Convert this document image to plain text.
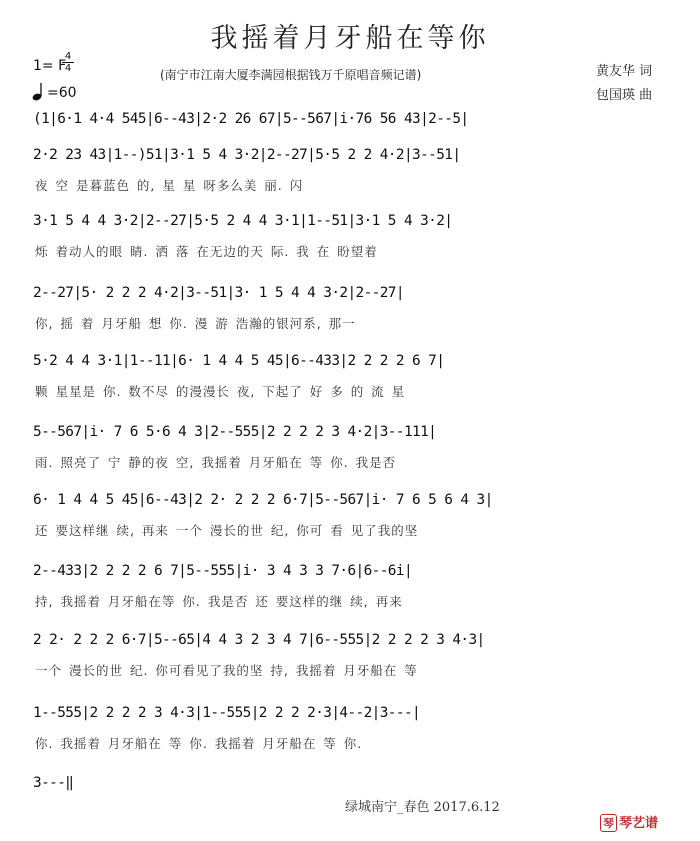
我摇着月牙船在等你
(南宁市江南大厦李满园根据钱万千原唱音频记谱)	黄友华 词
包国瑛 曲
1= F
$\frac{4}{4}$
=60
(1|6·1 4·4 545|6--43|2·2 26 67|5--567|i·76 56 43|2--5|
2·2 23 43|1--)51|3·1 5 4 3·2|2--27|5·5 2 2 4·2|3--51|
夜 空 是暮蓝色 的, 星 星 呀多么美 丽. 闪
3·1 5 4 4 3·2|2--27|5·5 2 4 4 3·1|1--51|3·1 5 4 3·2|
烁 着动人的眼 睛. 洒 落 在无边的天 际. 我 在 盼望着
2--27|5· 2 2 2 4·2|3--51|3· 1 5 4 4 3·2|2--27|
你, 摇 着 月牙船 想 你. 漫 游 浩瀚的银河系, 那一
5·2 4 4 3·1|1--11|6· 1 4 4 5 45|6--433|2 2 2 2 6 7|
颗 星星是 你. 数不尽 的漫漫长 夜, 下起了 好 多 的 流 星
5--567|i· 7 6 5·6 4 3|2--555|2 2 2 2 3 4·2|3--111|
雨. 照亮了 宁 静的夜 空, 我摇着 月牙船在 等 你. 我是否
6· 1 4 4 5 45|6--43|2 2· 2 2 2 6·7|5--567|i· 7 6 5 6 4 3|
还 要这样继 续, 再来 一个 漫长的世 纪, 你可 看 见了我的坚
2--433|2 2 2 2 6 7|5--555|i· 3 4 3 3 7·6|6--6i|
持, 我摇着 月牙船在等 你. 我是否 还 要这样的继 续, 再来
2 2· 2 2 2 6·7|5--65|4 4 3 2 3 4 7|6--555|2 2 2 2 3 4·3|
一个 漫长的世 纪. 你可看见了我的坚 持, 我摇着 月牙船在 等
1--555|2 2 2 2 3 4·3|1--555|2 2 2 2·3|4--2|3---|
你. 我摇着 月牙船在 等 你. 我摇着 月牙船在 等 你.
3---‖
绿城南宁_春色 2017.6.12
琴 琴艺谱
